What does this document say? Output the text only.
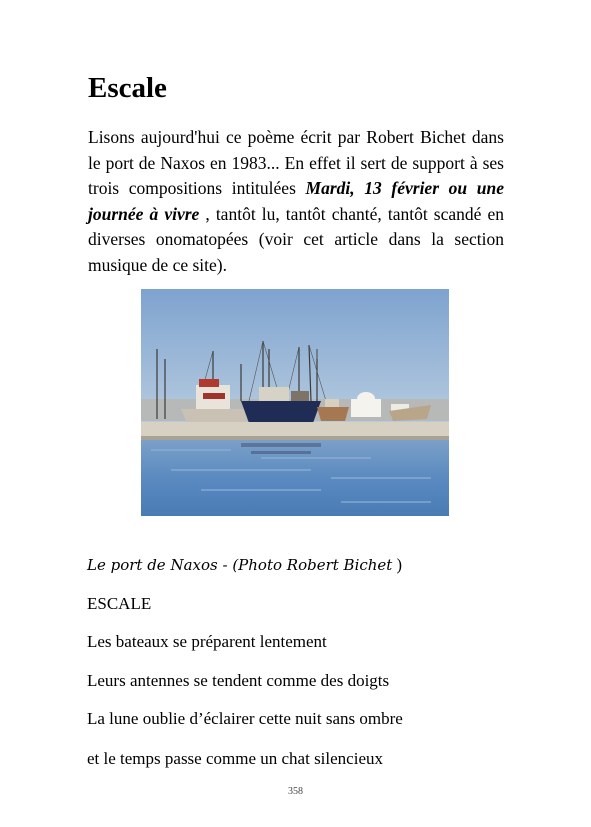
Escale

Lisons aujourd'hui ce poème écrit par Robert Bichet dans le port de Naxos en 1983... En effet il sert de support à ses trois compositions intitulées Mardi, 13 février ou une journée à vivre , tantôt lu, tantôt chanté, tantôt scandé en diverses onomatopées (voir cet article dans la section musique de ce site).

Le port de Naxos - (Photo Robert Bichet )

ESCALE

Les bateaux se préparent lentement

Leurs antennes se tendent comme des doigts

La lune oublie d’éclairer cette nuit sans ombre

et le temps passe comme un chat silencieux

358
